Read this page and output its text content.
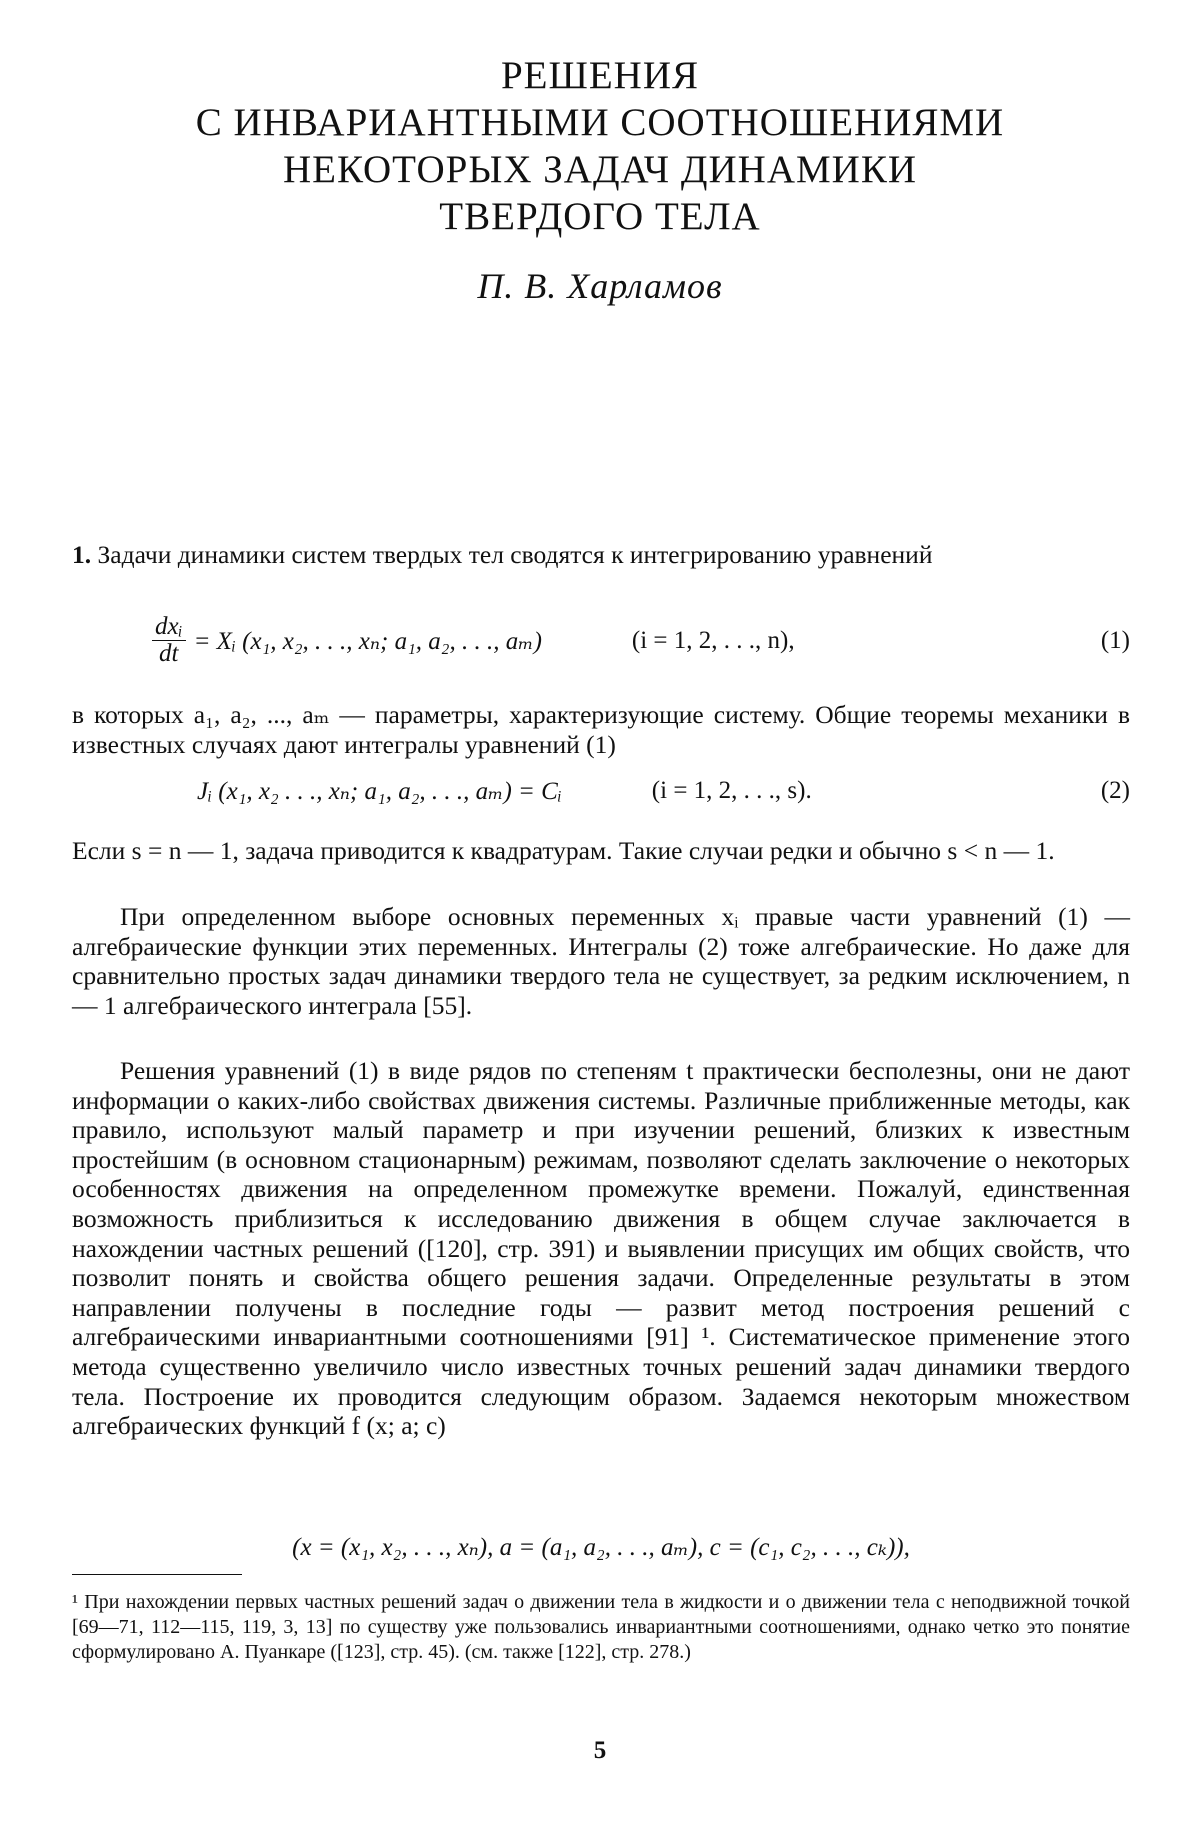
РЕШЕНИЯ
С ИНВАРИАНТНЫМИ СООТНОШЕНИЯМИ
НЕКОТОРЫХ ЗАДАЧ ДИНАМИКИ
ТВЕРДОГО ТЕЛА
П. В. Харламов

1. Задачи динамики систем твердых тел сводятся к интегрированию уравнений

$\frac{\text{dxᵢ}}{dt}$ = Xᵢ (x₁, x₂, . . ., xₙ; a₁, a₂, . . ., aₘ)	(i = 1, 2, . . ., n),	(1)

в которых a₁, a₂, ..., aₘ — параметры, характеризующие систему. Общие теоремы механики в известных случаях дают интегралы уравнений (1)

Jᵢ (x₁, x₂ . . ., xₙ; a₁, a₂, . . ., aₘ) = Cᵢ	(i = 1, 2, . . ., s).	(2)

Если s = n — 1, задача приводится к квадратурам. Такие случаи редки и обычно s < n — 1.

При определенном выборе основных переменных xᵢ правые части уравнений (1) — алгебраические функции этих переменных. Интегралы (2) тоже алгебраические. Но даже для сравнительно простых задач динамики твердого тела не существует, за редким исключением, n — 1 алгебраического интеграла [55].

Решения уравнений (1) в виде рядов по степеням t практически бесполезны, они не дают информации о каких-либо свойствах движения системы. Различные приближенные методы, как правило, используют малый параметр и при изучении решений, близких к известным простейшим (в основном стационарным) режимам, позволяют сделать заключение о некоторых особенностях движения на определенном промежутке времени. Пожалуй, единственная возможность приблизиться к исследованию движения в общем случае заключается в нахождении частных решений ([120], стр. 391) и выявлении присущих им общих свойств, что позволит понять и свойства общего решения задачи. Определенные результаты в этом направлении получены в последние годы — развит метод построения решений с алгебраическими инвариантными соотношениями [91] ¹. Систематическое применение этого метода существенно увеличило число известных точных решений задач динамики твердого тела. Построение их проводится следующим образом. Задаемся некоторым множеством алгебраических функций f (x; a; c)

(x = (x₁, x₂, . . ., xₙ), a = (a₁, a₂, . . ., aₘ), c = (c₁, c₂, . . ., cₖ)),
¹ При нахождении первых частных решений задач о движении тела в жидкости и о движении тела с неподвижной точкой [69—71, 112—115, 119, 3, 13] по существу уже пользовались инвариантными соотношениями, однако четко это понятие сформулировано А. Пуанкаре ([123], стр. 45). (см. также [122], стр. 278.)
5
